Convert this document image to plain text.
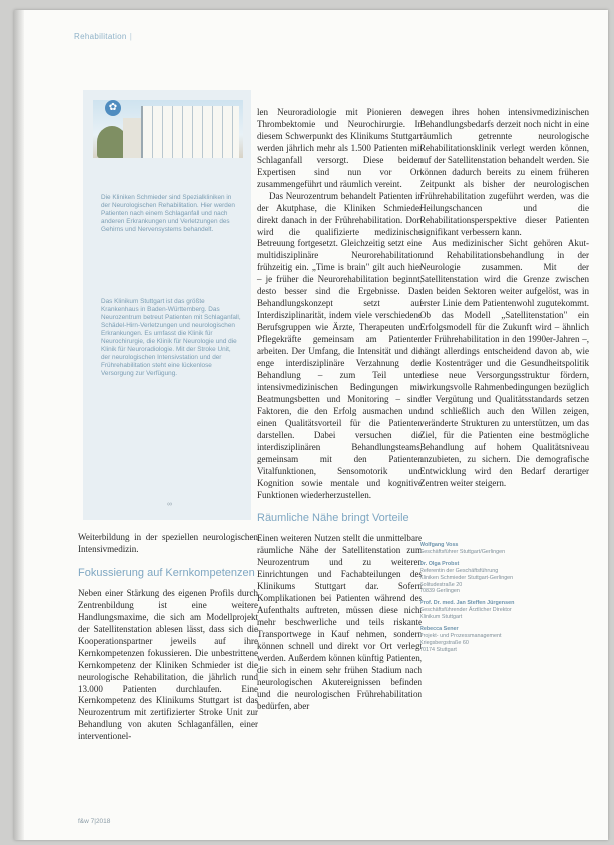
Rehabilitation |
✿
Die Kliniken Schmieder sind Spezialkliniken in der Neurologischen Rehabilitation. Hier werden Patienten nach einem Schlaganfall und nach anderen Erkrankungen und Verletzungen des Gehirns und Nervensystems behandelt.
Das Klinikum Stuttgart ist das größte Krankenhaus in Baden-Württemberg. Das Neurozentrum betreut Patienten mit Schlaganfall, Schädel-Hirn-Verletzungen und neurologischen Erkrankungen. Es umfasst die Klinik für Neurochirurgie, die Klinik für Neurologie und die Klinik für Neuroradiologie. Mit der Stroke Unit, der neurologischen Intensivstation und der Frührehabilitation steht eine lückenlose Versorgung zur Verfügung.
∞

Weiterbildung in der speziellen neurologischen Intensivmedizin.

Fokussierung auf Kernkompetenzen

Neben einer Stärkung des eigenen Profils durch Zentrenbildung ist eine weitere Handlungsmaxime, die sich am Modellprojekt der Satellitenstation ablesen lässt, dass sich die Kooperationspartner jeweils auf ihre Kernkompetenzen fokussieren. Die unbestrittene Kernkompetenz der Kliniken Schmieder ist die neurologische Rehabilitation, die jährlich rund 13.000 Patienten durchlaufen. Eine Kernkompetenz des Klinikums Stuttgart ist das Neurozentrum mit zertifizierter Stroke Unit zur Behandlung von akuten Schlaganfällen, einer interventionel-

len Neuroradiologie mit Pionieren der Thrombektomie und Neurochirurgie. In diesem Schwerpunkt des Klinikums Stuttgart werden jährlich mehr als 1.500 Patienten mit Schlaganfall versorgt. Diese beiden Expertisen sind nun vor Ort zusammengeführt und räumlich vereint.

Das Neurozentrum behandelt Patienten in der Akutphase, die Kliniken Schmieder direkt danach in der Frührehabilitation. Dort wird die qualifizierte medizinische Betreuung fortgesetzt. Gleichzeitig setzt eine multidisziplinäre Neurorehabilitation frühzeitig ein. „Time is brain" gilt auch hier – je früher die Neurorehabilitation beginnt, desto besser sind die Ergebnisse. Das Behandlungskonzept setzt auf Interdisziplinarität, indem viele verschiedene Berufsgruppen wie Ärzte, Therapeuten und Pflegekräfte gemeinsam am Patienten arbeiten. Der Umfang, die Intensität und die enge interdisziplinäre Verzahnung der Behandlung – zum Teil unter intensivmedizinischen Bedingungen mit Beatmungsbetten und Monitoring – sind Faktoren, die den Erfolg ausmachen und einen Qualitätsvorteil für die Patienten darstellen. Dabei versuchen die interdisziplinären Behandlungsteams, gemeinsam mit den Patienten Vitalfunktionen, Sensomotorik und Kognition sowie mentale und kognitive Funktionen wiederherzustellen.

Räumliche Nähe bringt Vorteile

Einen weiteren Nutzen stellt die unmittelbare räumliche Nähe der Satellitenstation zum Neurozentrum und zu weiteren Einrichtungen und Fachabteilungen des Klinikums Stuttgart dar. Sofern Komplikationen bei Patienten während des Aufenthalts auftreten, müssen diese nicht mehr beschwerliche und teils riskante Transportwege in Kauf nehmen, sondern können schnell und direkt vor Ort verlegt werden. Außerdem können künftig Patienten, die sich in einem sehr frühen Stadium nach neurologischen Akutereignissen befinden und die neurologischen Frührehabilitation bedürfen, aber

wegen ihres hohen intensivmedizinischen Behandlungsbedarfs derzeit noch nicht in eine räumlich getrennte neurologische Rehabilitationsklinik verlegt werden können, auf der Satellitenstation behandelt werden. Sie können dadurch bereits zu einem früheren Zeitpunkt als bisher der neurologischen Frührehabilitation zugeführt werden, was die Heilungschancen und die Rehabilitationsperspektive dieser Patienten signifikant verbessern kann.

Aus medizinischer Sicht gehören Akut- und Rehabilitationsbehandlung in der Neurologie zusammen. Mit der Satellitenstation wird die Grenze zwischen den beiden Sektoren weiter aufgelöst, was in erster Linie dem Patientenwohl zugutekommt. Ob das Modell „Satellitenstation" ein Erfolgsmodell für die Zukunft wird – ähnlich der Frührehabilitation in den 1990er-Jahren –, hängt allerdings entscheidend davon ab, wie die Kostenträger und die Gesundheitspolitik diese neue Versorgungsstruktur fördern, wirkungsvolle Rahmenbedingungen bezüglich der Vergütung und Qualitätsstandards setzen und schließlich auch den Willen zeigen, veränderte Strukturen zu unterstützen, um das Ziel, für die Patienten eine bestmögliche Behandlung auf hohem Qualitätsniveau anzubieten, zu sichern. Die demografische Entwicklung wird den Bedarf derartiger Zentren weiter steigern.

Wolfgang Voss
Geschäftsführer Stuttgart/Gerlingen
Dr. Olga Probst
Referentin der Geschäftsführung
Kliniken Schmieder Stuttgart-Gerlingen
Solitudestraße 20
70839 Gerlingen
Prof. Dr. med. Jan Steffen Jürgensen
Geschäftsführender Ärztlicher Direktor
Klinikum Stuttgart
Rebecca Sener
Projekt- und Prozessmanagement
Kriegsbergstraße 60
70174 Stuttgart
f&w 7|2018
